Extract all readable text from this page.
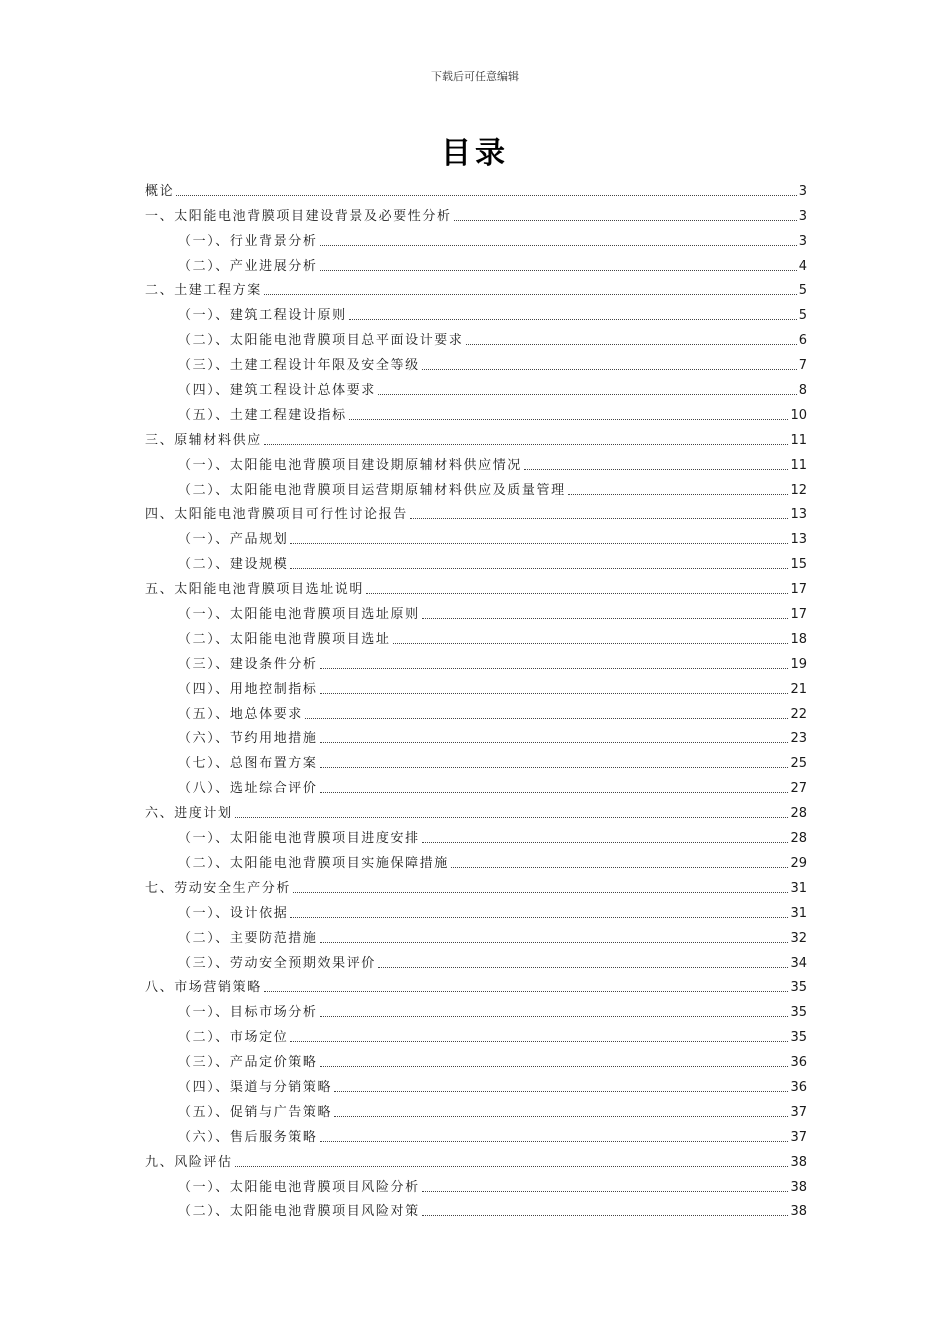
下载后可任意编辑
目录
概论	3
一、太阳能电池背膜项目建设背景及必要性分析	3
（一）、行业背景分析	3
（二）、产业进展分析	4
二、土建工程方案	5
（一）、建筑工程设计原则	5
（二）、太阳能电池背膜项目总平面设计要求	6
（三）、土建工程设计年限及安全等级	7
（四）、建筑工程设计总体要求	8
（五）、土建工程建设指标	10
三、原辅材料供应	11
（一）、太阳能电池背膜项目建设期原辅材料供应情况	11
（二）、太阳能电池背膜项目运营期原辅材料供应及质量管理	12
四、太阳能电池背膜项目可行性讨论报告	13
（一）、产品规划	13
（二）、建设规模	15
五、太阳能电池背膜项目选址说明	17
（一）、太阳能电池背膜项目选址原则	17
（二）、太阳能电池背膜项目选址	18
（三）、建设条件分析	19
（四）、用地控制指标	21
（五）、地总体要求	22
（六）、节约用地措施	23
（七）、总图布置方案	25
（八）、选址综合评价	27
六、进度计划	28
（一）、太阳能电池背膜项目进度安排	28
（二）、太阳能电池背膜项目实施保障措施	29
七、劳动安全生产分析	31
（一）、设计依据	31
（二）、主要防范措施	32
（三）、劳动安全预期效果评价	34
八、市场营销策略	35
（一）、目标市场分析	35
（二）、市场定位	35
（三）、产品定价策略	36
（四）、渠道与分销策略	36
（五）、促销与广告策略	37
（六）、售后服务策略	37
九、风险评估	38
（一）、太阳能电池背膜项目风险分析	38
（二）、太阳能电池背膜项目风险对策	38
